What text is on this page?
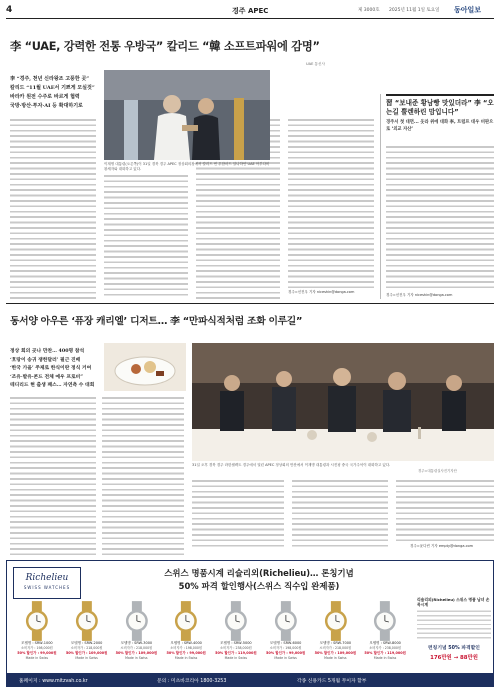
4	경주 APEC	제 3000호 2025년 11월 1일 토요일 동아일보
李 “UAE, 강력한 전통 우방국” 칼리드 “韓 소프트파워에 감명”
李 “경주, 천년 신라왕조 고풍한 곳”
칼리드 “11월 UAE서 기쁘게 모실것”
바라카 원전 수주로 바르게 협력
국방·방산·투자·AI 등 확대하기로
UAE 통신사
이재명 대통령(오른쪽)이 31일 경북 경주 APEC 정상회의장에서 칼리드 빈 무함마드 알나하얀 UAE 아부다비 왕세자와 대화하고 있다.
경주=신진우 기자 niceshin@donga.com
習 “보내준 황남빵 맛있더라” 李 “오는길 뿔렌하린 맘입니다”
경주서 첫 대면... 웃라 위에 대화 李, 트럼프 대우 비판으로 ‘외교 자산’
경주=신진우 기자 niceshin@donga.com
동서양 아우른 ‘퓨장 캐리엘’ 디저트… 李 “만파식적처럼 조화 이루길”
정상 회의 곳나 만찬… 400명 참석
‘호랑이 송귀 쟁한달러’ 필근 진배
‘한국 가을’ 주제로 한식이란 정식 거여
‘조유·발유·콘드 전체 예우 프로비”
테디리드 현 출생 패스… 자연측 수 대회
31일 오후 경북 경주 라한셀렉트 경주에서 열린 APEC 정상회의 만찬에서 이재명 대통령과 시진핑 중국 국가주석이 대화하고 있다.
경주=대통령실사진기자단
경주=윤다빈 기자 empty@donga.com
Richelieu
SWISS WATCHES
스위스 명품시계 리슐리외(Richelieu)… 론칭기념
50% 파격 할인행사(스위스 직수입 완제품)
모델명 : SRW-1000
소비자가 : 198,000원
50% 할인가 : 99,000원
Made in Swiss
모델명 : SRW-2000
소비자가 : 218,000원
50% 할인가 : 109,000원
Made in Swiss
모델명 : SRW-3000
소비자가 : 218,000원
50% 할인가 : 109,000원
Made in Swiss
모델명 : SRW-4000
소비자가 : 198,000원
50% 할인가 : 99,000원
Made in Swiss
모델명 : SRW-5000
소비자가 : 238,000원
50% 할인가 : 119,000원
Made in Swiss
모델명 : SRW-6000
소비자가 : 198,000원
50% 할인가 : 99,000원
Made in Swiss
모델명 : SRW-7000
소비자가 : 218,000원
50% 할인가 : 109,000원
Made in Swiss
모델명 : SRW-8000
소비자가 : 238,000원
50% 할인가 : 119,000원
Made in Swiss
리슐리외(Richelieu) 스위스 명품 남녀 손목시계
런칭기념 50% 파격할인
176만원 → 88만원
홈페이지 : www.mitzvah.co.kr	문의 : 미츠바코리아 1800-3253	각종 신용카드 5개월 무이자 할부
